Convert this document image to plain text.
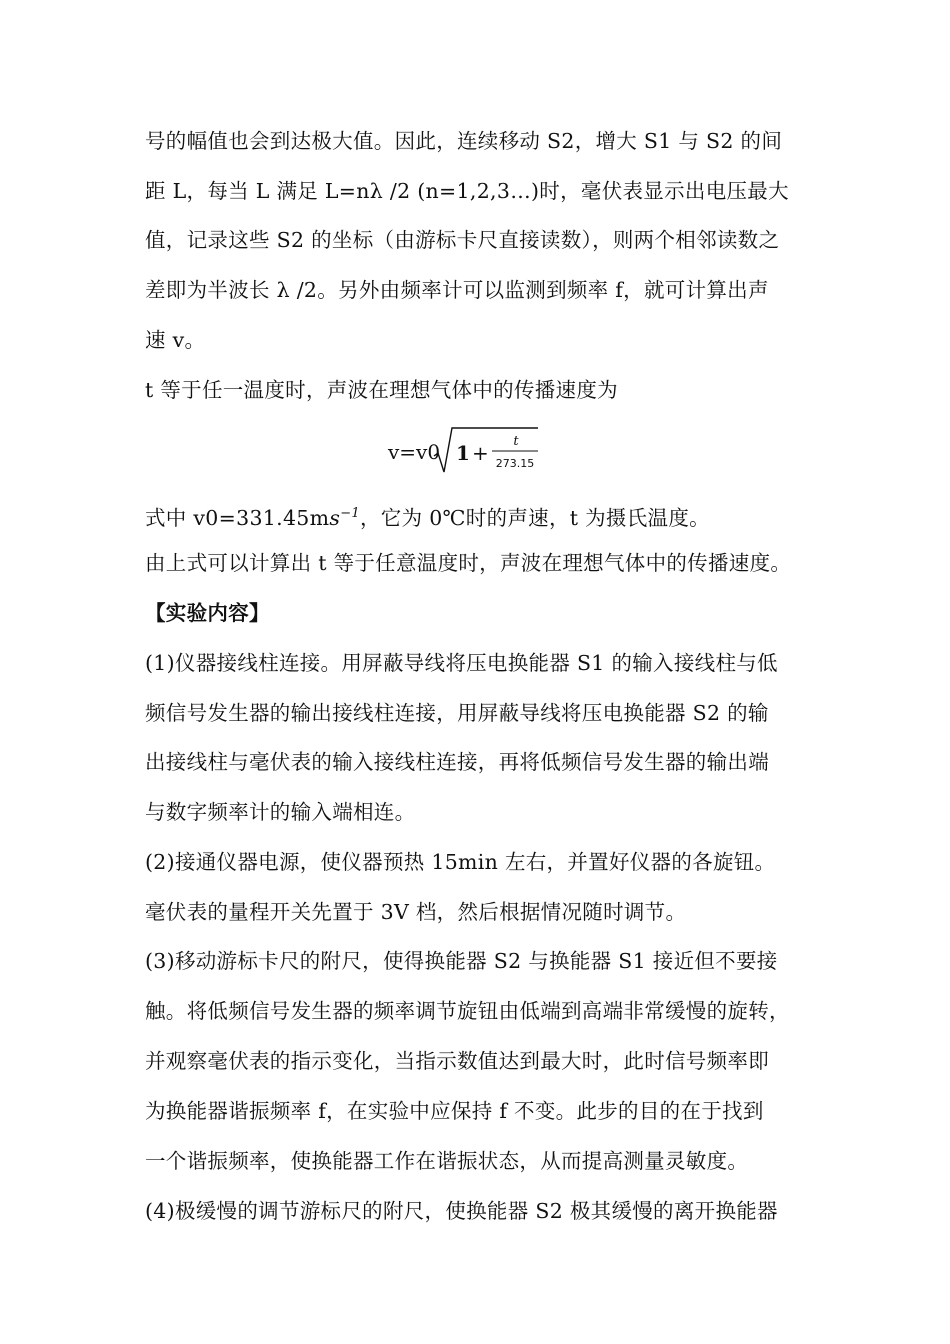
号的幅值也会到达极大值。因此，连续移动 S2，增大 S1 与 S2 的间
距 L，每当 L 满足 L=nλ /2 (n=1,2,3…)时，毫伏表显示出电压最大
值，记录这些 S2 的坐标（由游标卡尺直接读数），则两个相邻读数之
差即为半波长 λ /2。另外由频率计可以监测到频率 f，就可计算出声
速 v。
t 等于任一温度时，声波在理想气体中的传播速度为
v=v0 1 + t
273.15
式中 $v0=331.45ms^{-1}$，它为 0℃时的声速，t 为摄氏温度。
由上式可以计算出 t 等于任意温度时，声波在理想气体中的传播速度。
【实验内容】
(1)仪器接线柱连接。用屏蔽导线将压电换能器 S1 的输入接线柱与低
频信号发生器的输出接线柱连接，用屏蔽导线将压电换能器 S2 的输
出接线柱与毫伏表的输入接线柱连接，再将低频信号发生器的输出端
与数字频率计的输入端相连。
(2)接通仪器电源，使仪器预热 15min 左右，并置好仪器的各旋钮。
毫伏表的量程开关先置于 3V 档，然后根据情况随时调节。
(3)移动游标卡尺的附尺，使得换能器 S2 与换能器 S1 接近但不要接
触。将低频信号发生器的频率调节旋钮由低端到高端非常缓慢的旋转，
并观察毫伏表的指示变化，当指示数值达到最大时，此时信号频率即
为换能器谐振频率 f，在实验中应保持 f 不变。此步的目的在于找到
一个谐振频率，使换能器工作在谐振状态，从而提高测量灵敏度。
(4)极缓慢的调节游标尺的附尺，使换能器 S2 极其缓慢的离开换能器
